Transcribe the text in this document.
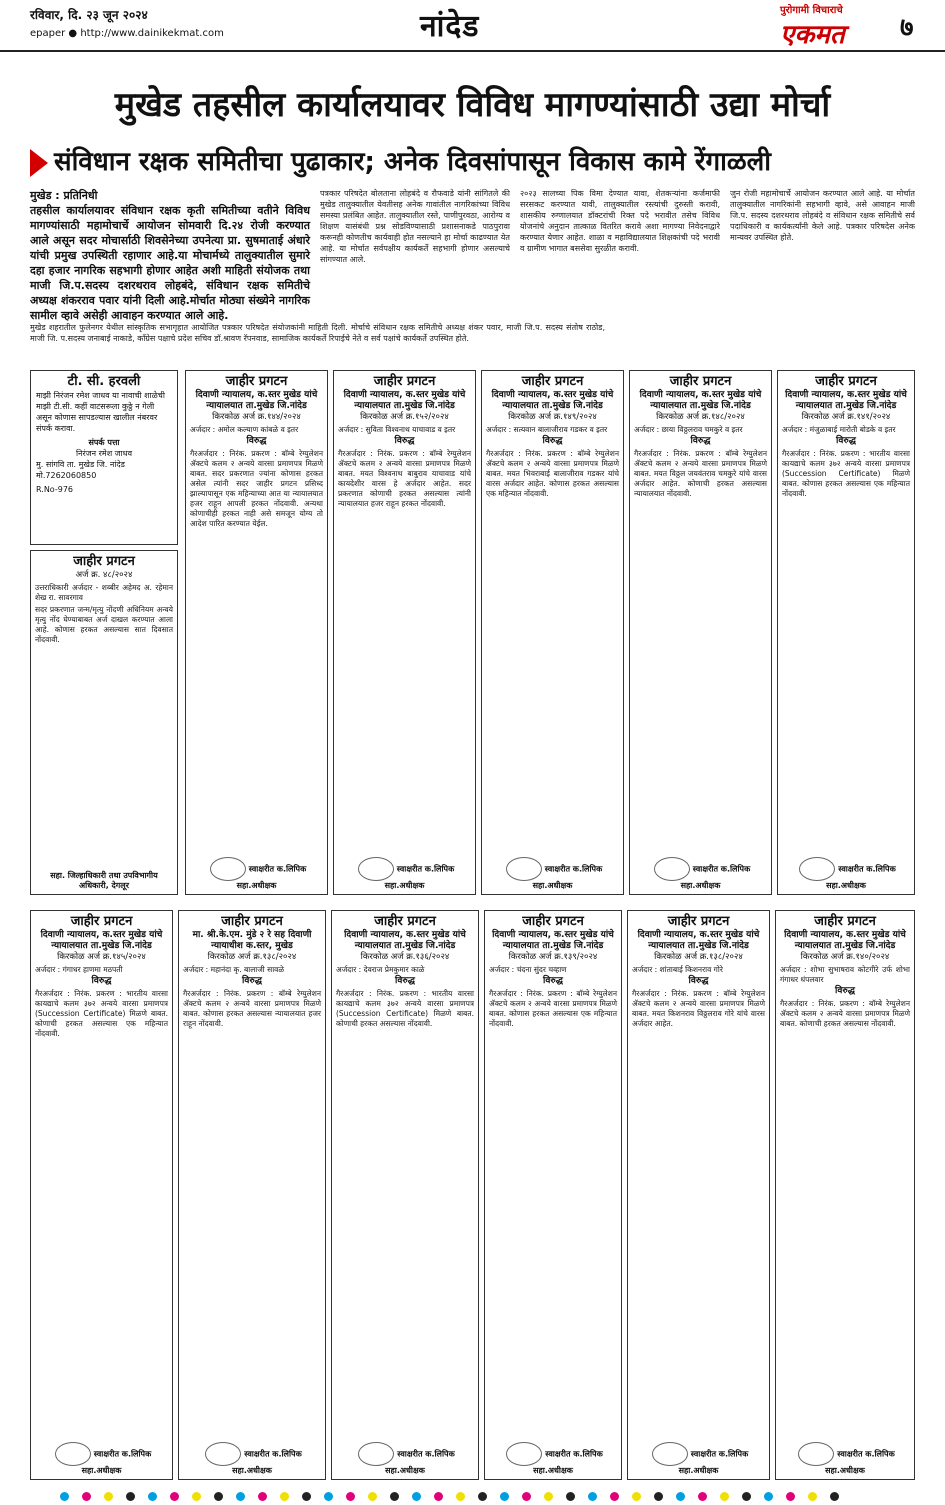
रविवार, दि. २३ जून २०२४
epaper ● http://www.dainikekmat.com	नांदेड	पुरोगामी विचाराचे
एकमत ७
मुखेड तहसील कार्यालयावर विविध मागण्यांसाठी उद्या मोर्चा
संविधान रक्षक समितीचा पुढाकार; अनेक दिवसांपासून विकास कामे रेंगाळली
मुखेड : प्रतिनिधी
तहसील कार्यालयावर संविधान रक्षक कृती समितीच्या वतीने विविध मागण्यांसाठी महामोचार्चे आयोजन सोमवारी दि.२४ रोजी करण्यात आले असून सदर मोचार्साठी शिवसेनेच्या उपनेत्या प्रा. सुषमाताई अंधारे यांची प्रमुख उपस्थिती रहाणार आहे.या मोचार्मध्ये तालुक्यातील सुमारे दहा हजार नागरिक सहभागी होणार आहेत अशी माहिती संयोजक तथा माजी जि.प.सदस्य दशरथराव लोहबंदे, संविधान रक्षक समितीचे अध्यक्ष शंकरराव पवार यांनी दिली आहे.मोर्चात मोठ्या संख्येने नागरिक सामील व्हावे असेही आवाहन करण्यात आले आहे.
पत्रकार परिषदेत बोलताना लोहबंदे व रौफवाडे यांनी सांगितले की मुखेड तालुक्यातील येवतीसह अनेक गावांतील नागरिकांच्या विविध समस्या प्रलंबित आहेत. तालुक्यातील रस्ते, पाणीपुरवठा, आरोग्य व शिक्षण यासंबंधी प्रश्न सोडविण्यासाठी प्रशासनाकडे पाठपुरावा करूनही कोणतीच कार्यवाही होत नसल्याने हा मोर्चा काढण्यात येत आहे. या मोर्चात सर्वपक्षीय कार्यकर्ते सहभागी होणार असल्याचे सांगण्यात आले.
२०२३ सालच्या पिक विमा देण्यात यावा, शेतकऱ्यांना कर्जमाफी सरसकट करण्यात यावी, तालुक्यातील रस्त्यांची दुरुस्ती करावी, शासकीय रुग्णालयात डॉक्टरांची रिक्त पदे भरावीत तसेच विविध योजनांचे अनुदान तात्काळ वितरित करावे अशा मागण्या निवेदनाद्वारे करण्यात येणार आहेत. शाळा व महाविद्यालयात शिक्षकांची पदे भरावी व ग्रामीण भागात बससेवा सुरळीत करावी.
जुन रोजी महामोचार्चे आयोजन करण्यात आले आहे. या मोर्चात तालुक्यातील नागरिकांनी सहभागी व्हावे, असे आवाहन माजी जि.प. सदस्य दशरथराव लोहबंदे व संविधान रक्षक समितीचे सर्व पदाधिकारी व कार्यकर्त्यांनी केले आहे. पत्रकार परिषदेस अनेक मान्यवर उपस्थित होते.
मुखेड शहरातील फुलेनगर येथील सांस्कृतिक सभागृहात आयोजित पत्रकार परिषदेत संयोजकांनी माहिती दिली. मोर्चाचे संविधान रक्षक समितीचे अध्यक्ष शंकर पवार, माजी जि.प. सदस्य संतोष राठोड, माजी जि. प.सदस्य जनाबाई नाकाडे, काँग्रेस पक्षाचे प्रदेश सचिव डॉ.श्रावण रॅपनवाड, सामाजिक कार्यकर्ते रिपाईचे नेते व सर्व पक्षांचे कार्यकर्ते उपस्थित होते.
टी. सी. हरवली
माझी निरंजन रमेश जाधव या नावाची शाळेची माझी टी.सी. कहीं वाटसरूला कुठ्ठे न गेली असून कोणास सापडल्यास खालील नंबरवर संपर्क करावा.
संपर्क पत्ता
निरंजन रमेश जाधव
मु. सांगवि ता. मुखेड जि. नांदेड मो.7262060850
R.No-976
जाहीर प्रगटन
दिवाणी न्यायालय, क.स्तर मुखेड यांचे न्यायालयात ता.मुखेड जि.नांदेड
किरकोळ अर्ज क्र.१४४/२०२४
अर्जदार : अमोल कल्याण कांबळे व इतर
विरुद्ध
गैरअर्जदार : निरंक. प्रकरण : बॉम्बे रेग्युलेशन ॲक्टचे कलम २ अन्वये वारसा प्रमाणपत्र मिळणे बाबत. सदर प्रकरणात ज्यांना कोणास हरकत असेल त्यांनी सदर जाहीर प्रगटन प्रसिध्द झाल्यापासून एक महिन्याच्या आत या न्यायालयात हजर राहून आपली हरकत नोंदवावी. अन्यथा कोणाचीही हरकत नाही असे समजून योग्य तो आदेश पारित करण्यात येईल.
स्वाक्षरीत क.लिपिक सहा.अधीक्षक
जाहीर प्रगटन
दिवाणी न्यायालय, क.स्तर मुखेड यांचे न्यायालयात ता.मुखेड जि.नांदेड
किरकोळ अर्ज क्र.१५२/२०२४
अर्जदार : सुविता विश्वनाथ याचावाड व इतर
विरुद्ध
गैरअर्जदार : निरंक. प्रकरण : बॉम्बे रेग्युलेशन ॲक्टचे कलम २ अन्वये वारसा प्रमाणपत्र मिळणे बाबत. मयत विश्वनाथ बाबुराव याचावाड यांचे कायदेशीर वारस हे अर्जदार आहेत. सदर प्रकरणात कोणाची हरकत असल्यास त्यांनी न्यायालयात हजर राहून हरकत नोंदवावी.
स्वाक्षरीत क.लिपिक सहा.अधीक्षक
जाहीर प्रगटन
दिवाणी न्यायालय, क.स्तर मुखेड यांचे न्यायालयात ता.मुखेड जि.नांदेड
किरकोळ अर्ज क्र.१४९/२०२४
अर्जदार : सत्यवान बालाजीराव गडकर व इतर
विरुद्ध
गैरअर्जदार : निरंक. प्रकरण : बॉम्बे रेग्युलेशन ॲक्टचे कलम २ अन्वये वारसा प्रमाणपत्र मिळणे बाबत. मयत भिवराबाई बालाजीराव गडकर यांचे वारस अर्जदार आहेत. कोणास हरकत असल्यास एक महिन्यात नोंदवावी.
स्वाक्षरीत क.लिपिक सहा.अधीक्षक
जाहीर प्रगटन
दिवाणी न्यायालय, क.स्तर मुखेड यांचे न्यायालयात ता.मुखेड जि.नांदेड
किरकोळ अर्ज क्र.१४८/२०२४
अर्जदार : छाया विठ्ठलराव चमकुरे व इतर
विरुद्ध
गैरअर्जदार : निरंक. प्रकरण : बॉम्बे रेग्युलेशन ॲक्टचे कलम २ अन्वये वारसा प्रमाणपत्र मिळणे बाबत. मयत विठ्ठल जयवंतराव चमकुरे यांचे वारस अर्जदार आहेत. कोणाची हरकत असल्यास न्यायालयात नोंदवावी.
स्वाक्षरीत क.लिपिक सहा.अधीक्षक
जाहीर प्रगटन
दिवाणी न्यायालय, क.स्तर मुखेड यांचे न्यायालयात ता.मुखेड जि.नांदेड
किरकोळ अर्ज क्र.१४१/२०२४
अर्जदार : मंजुळाबाई मारोती बोडके व इतर
विरुद्ध
गैरअर्जदार : निरंक. प्रकरण : भारतीय वारसा कायद्याचे कलम ३७२ अन्वये वारसा प्रमाणपत्र (Succession Certificate) मिळणे बाबत. कोणास हरकत असल्यास एक महिन्यात नोंदवावी.
स्वाक्षरीत क.लिपिक सहा.अधीक्षक
जाहीर प्रगटन
अर्ज क्र. ४८/२०२४
उत्तराधिकारी अर्जदार - शब्बीर अहेमद अ. रहेमान शेख रा. सावरगाव
सदर प्रकरणात जन्म/मृत्यु नोंदणी अधिनियम अन्वये मृत्यु नोंद घेण्याबाबत अर्ज दाखल करण्यात आला आहे. कोणास हरकत असल्यास सात दिवसात नोंदवावी.
सहा. जिल्हाधिकारी तथा उपविभागीय अधिकारी, देगलूर
जाहीर प्रगटन
दिवाणी न्यायालय, क.स्तर मुखेड यांचे न्यायालयात ता.मुखेड जि.नांदेड
किरकोळ अर्ज क्र.१४५/२०२४
अर्जदार : गंगाधर हाणमा मठपती
विरुद्ध
गैरअर्जदार : निरंक. प्रकरण : भारतीय वारसा कायद्याचे कलम ३७२ अन्वये वारसा प्रमाणपत्र (Succession Certificate) मिळणे बाबत. कोणाची हरकत असल्यास एक महिन्यात नोंदवावी.
स्वाक्षरीत क.लिपिक सहा.अधीक्षक
जाहीर प्रगटन
मा. श्री.के.एम. मुंडे २ रे सह दिवाणी न्यायाधीश क.स्तर, मुखेड
किरकोळ अर्ज क्र.१३८/२०२४
अर्जदार : महानंदा कृ. बालाजी सावळे
विरुद्ध
गैरअर्जदार : निरंक. प्रकरण : बॉम्बे रेग्युलेशन ॲक्टचे कलम २ अन्वये वारसा प्रमाणपत्र मिळणे बाबत. कोणास हरकत असल्यास न्यायालयात हजर राहून नोंदवावी.
स्वाक्षरीत क.लिपिक सहा.अधीक्षक
जाहीर प्रगटन
दिवाणी न्यायालय, क.स्तर मुखेड यांचे न्यायालयात ता.मुखेड जि.नांदेड
किरकोळ अर्ज क्र.१३६/२०२४
अर्जदार : देवराज प्रेमकुमार काळे
विरुद्ध
गैरअर्जदार : निरंक. प्रकरण : भारतीय वारसा कायद्याचे कलम ३७२ अन्वये वारसा प्रमाणपत्र (Succession Certificate) मिळणे बाबत. कोणाची हरकत असल्यास नोंदवावी.
स्वाक्षरीत क.लिपिक सहा.अधीक्षक
जाहीर प्रगटन
दिवाणी न्यायालय, क.स्तर मुखेड यांचे न्यायालयात ता.मुखेड जि.नांदेड
किरकोळ अर्ज क्र.१३९/२०२४
अर्जदार : चंदना सुंदर चव्हाण
विरुद्ध
गैरअर्जदार : निरंक. प्रकरण : बॉम्बे रेग्युलेशन ॲक्टचे कलम २ अन्वये वारसा प्रमाणपत्र मिळणे बाबत. कोणास हरकत असल्यास एक महिन्यात नोंदवावी.
स्वाक्षरीत क.लिपिक सहा.अधीक्षक
जाहीर प्रगटन
दिवाणी न्यायालय, क.स्तर मुखेड यांचे न्यायालयात ता.मुखेड जि.नांदेड
किरकोळ अर्ज क्र.१३८/२०२४
अर्जदार : शांताबाई किशनराव गोरे
विरुद्ध
गैरअर्जदार : निरंक. प्रकरण : बॉम्बे रेग्युलेशन ॲक्टचे कलम २ अन्वये वारसा प्रमाणपत्र मिळणे बाबत. मयत किशनराव विठ्ठलराव गोरे यांचे वारस अर्जदार आहेत.
स्वाक्षरीत क.लिपिक सहा.अधीक्षक
जाहीर प्रगटन
दिवाणी न्यायालय, क.स्तर मुखेड यांचे न्यायालयात ता.मुखेड जि.नांदेड
किरकोळ अर्ज क्र.१४०/२०२४
अर्जदार : शोभा सुभाषराव कोटगीरे उर्फ शोभा गंगाधर धंपलवार
विरुद्ध
गैरअर्जदार : निरंक. प्रकरण : बॉम्बे रेग्युलेशन ॲक्टचे कलम २ अन्वये वारसा प्रमाणपत्र मिळणे बाबत. कोणाची हरकत असल्यास नोंदवावी.
स्वाक्षरीत क.लिपिक सहा.अधीक्षक
